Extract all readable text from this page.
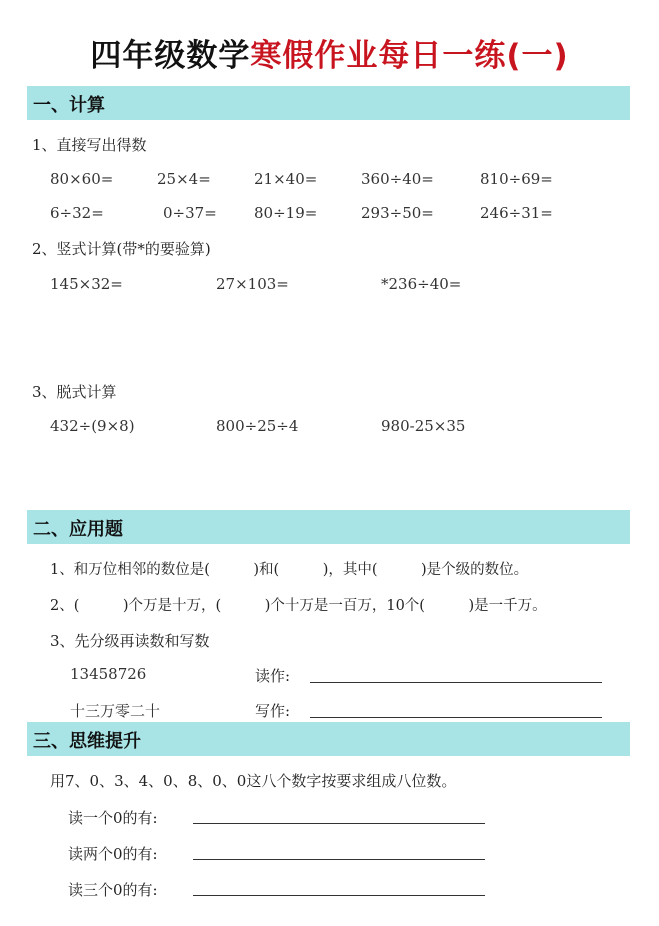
四年级数学寒假作业每日一练(一)
一、计算
1、直接写出得数
80×60=	25×4=	21×40=	360÷40=	810÷69=
6÷32=	0÷37= 80÷19=	293÷50=	246÷31=
2、竖式计算(带*的要验算)
145×32=	27×103=	*236÷40=
3、脱式计算
432÷(9×8)	800÷25÷4	980-25×35
二、应用题
1、和万位相邻的数位是(　　　)和(　　　)，其中(　　　)是个级的数位。
2、(　　　)个万是十万，(　　　)个十万是一百万，10个(　　　)是一千万。
3、先分级再读数和写数
13458726	读作:
十三万零二十	写作:
三、思维提升
用7、0、3、4、0、8、0、0这八个数字按要求组成八位数。
读一个0的有:
读两个0的有:
读三个0的有:
